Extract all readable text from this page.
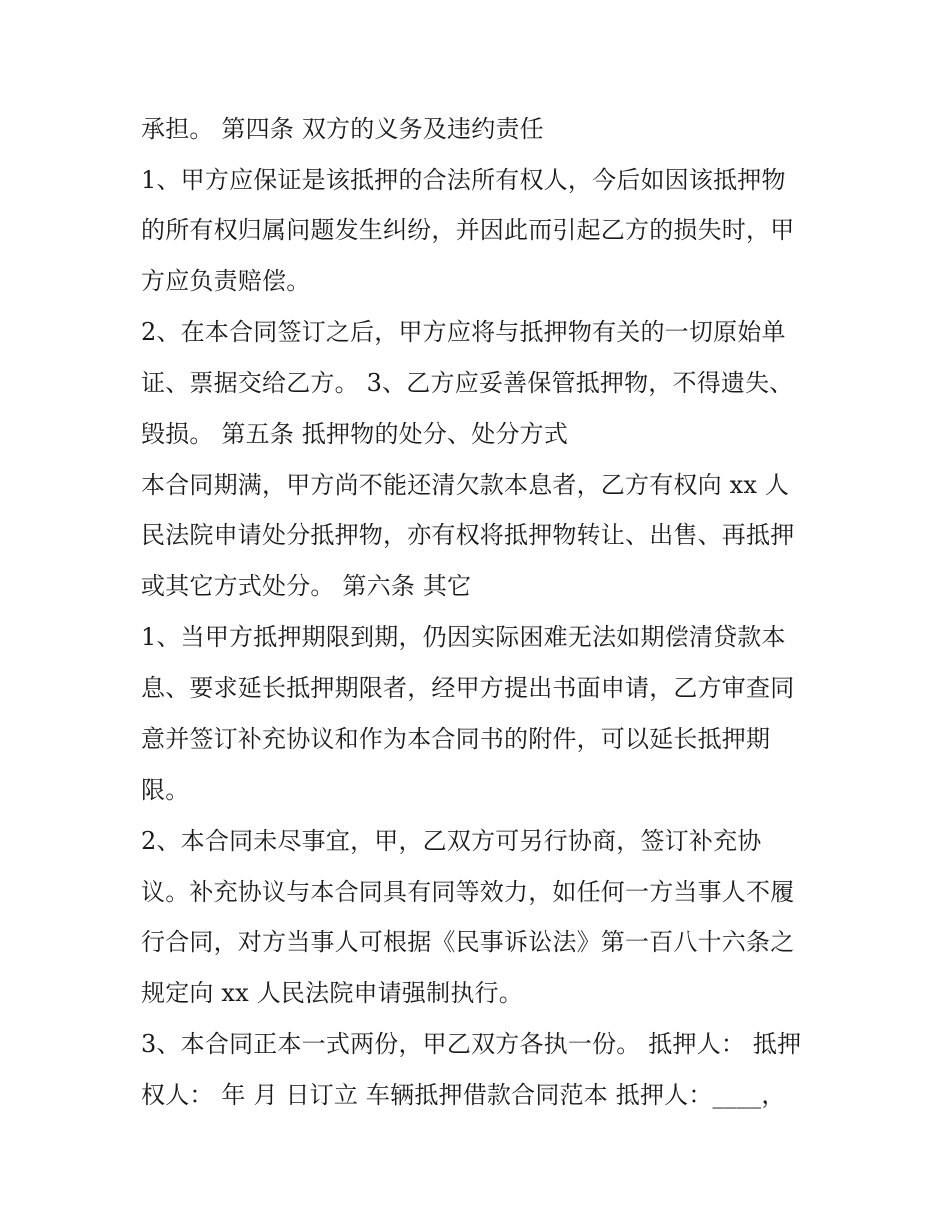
承担。 第四条 双方的义务及违约责任
1、甲方应保证是该抵押的合法所有权人，今后如因该抵押物
的所有权归属问题发生纠纷，并因此而引起乙方的损失时，甲
方应负责赔偿。
2、在本合同签订之后，甲方应将与抵押物有关的一切原始单
证、票据交给乙方。 3、乙方应妥善保管抵押物，不得遗失、
毁损。 第五条 抵押物的处分、处分方式
本合同期满，甲方尚不能还清欠款本息者，乙方有权向 xx 人
民法院申请处分抵押物，亦有权将抵押物转让、出售、再抵押
或其它方式处分。 第六条 其它
1、当甲方抵押期限到期，仍因实际困难无法如期偿清贷款本
息、要求延长抵押期限者，经甲方提出书面申请，乙方审查同
意并签订补充协议和作为本合同书的附件，可以延长抵押期
限。
2、本合同未尽事宜，甲，乙双方可另行协商，签订补充协
议。补充协议与本合同具有同等效力，如任何一方当事人不履
行合同，对方当事人可根据《民事诉讼法》第一百八十六条之
规定向 xx 人民法院申请强制执行。
3、本合同正本一式两份，甲乙双方各执一份。 抵押人： 抵押
权人： 年 月 日订立 车辆抵押借款合同范本 抵押人：____，
